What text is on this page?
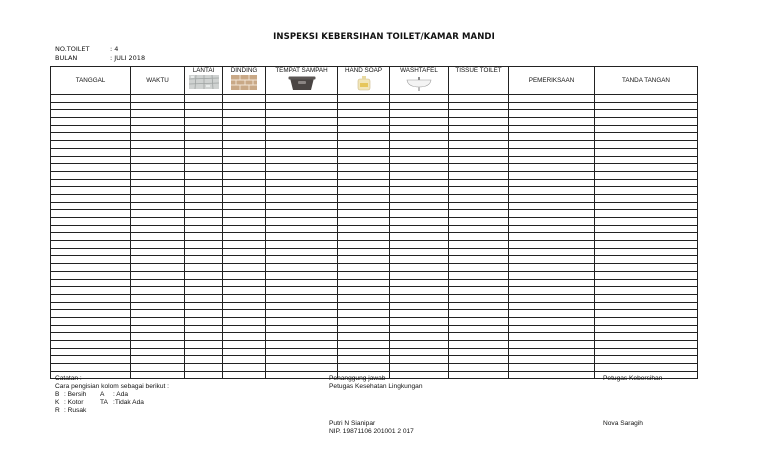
INSPEKSI KEBERSIHAN TOILET/KAMAR MANDI
NO.TOILET	: 4
BULAN	: JULI 2018
TANGGAL	WAKTU	LANTAI	DINDING	TEMPAT SAMPAH	HAND SOAP	WASHTAFEL	TISSUE TOILET	PEMERIKSAAN	TANDA TANGAN

Catatan :
Cara pengisian kolom sebagai berikut :
B : Bersih A : Ada
K : Kotor	TA :Tidak Ada
R : Rusak
Penanggung jawab
Petugas Kesehatan Lingkungan
Putri N Sianipar
NIP. 19871106 201001 2 017
Petugas Kebersihan
Nova Saragih
